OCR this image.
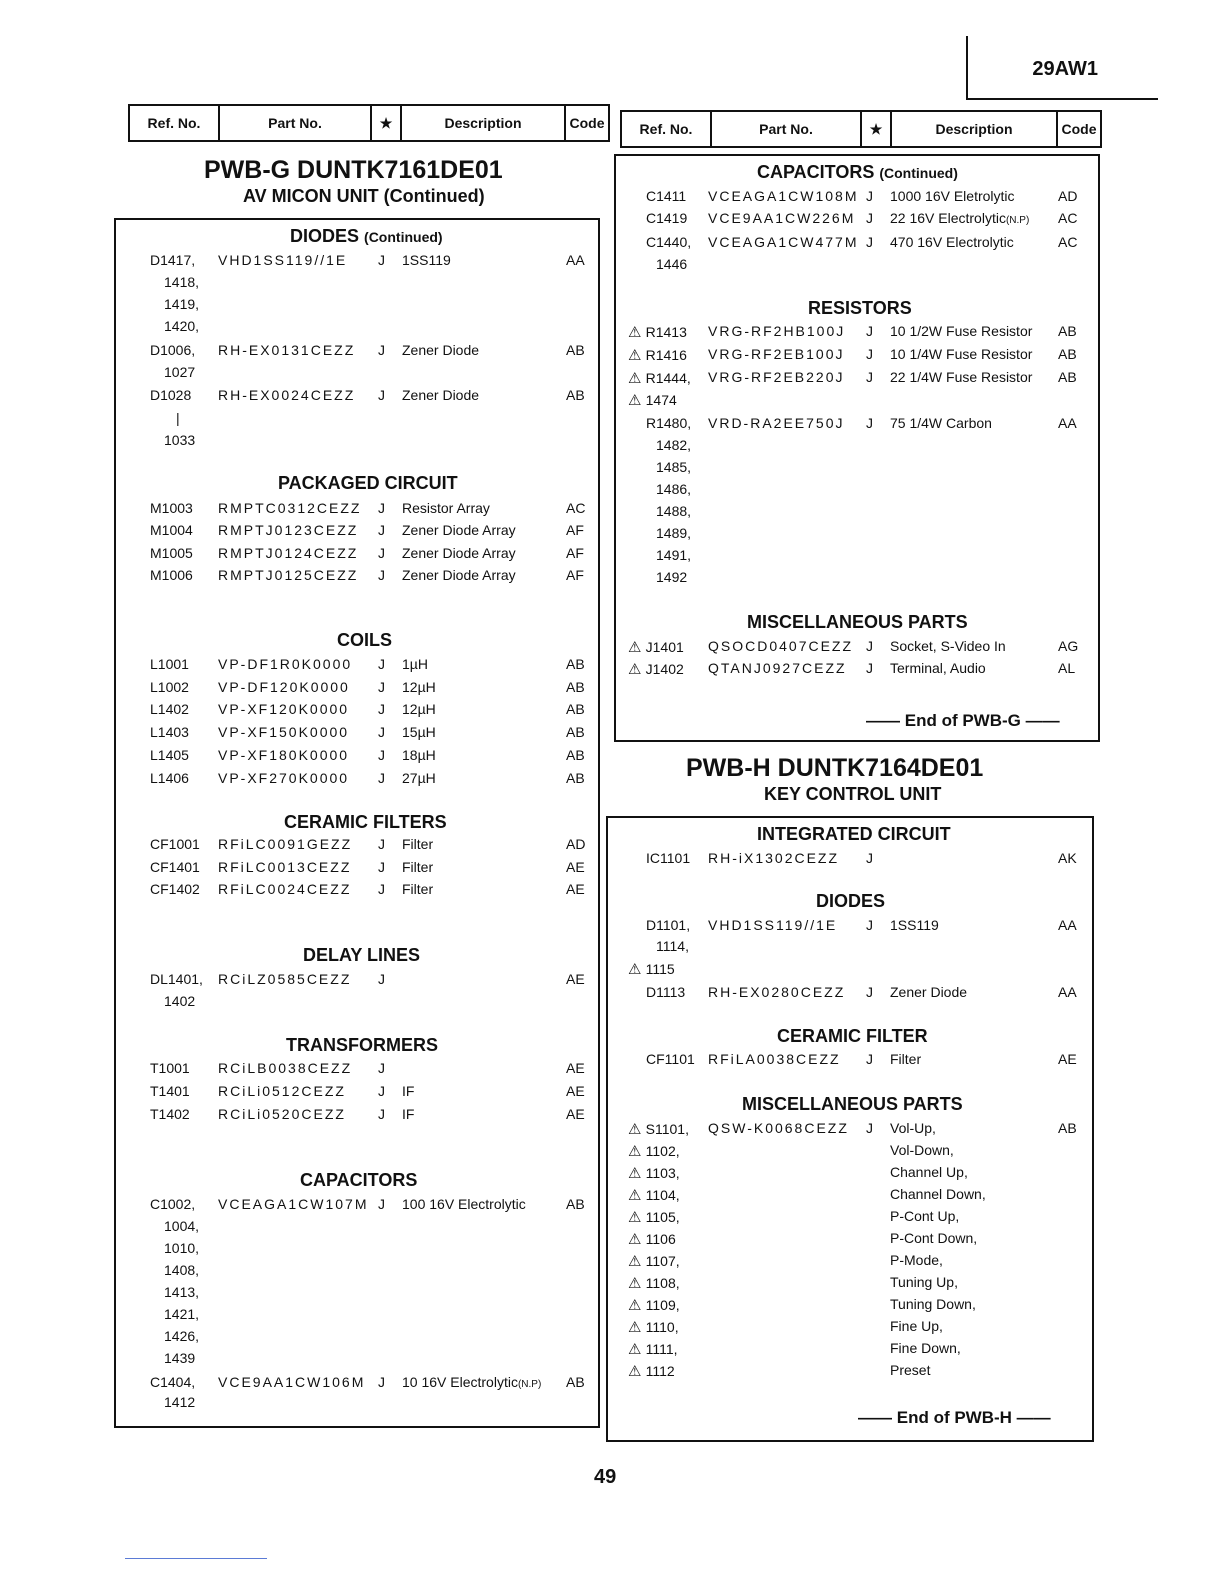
29AW1
Ref. No.	Part No.	★	Description	Code	Ref. No.	Part No.	★	Description	Code
PWB-G DUNTK7161DE01
AV MICON UNIT (Continued)
DIODES (Continued)
PACKAGED CIRCUIT
COILS
CERAMIC FILTERS
DELAY LINES
TRANSFORMERS
CAPACITORS
D1417, VHD1SS119//1E J 1SS119	AA
1418,
1419,
1420,
D1006, RH-EX0131CEZZ J Zener Diode	AB
1027
D1028 RH-EX0024CEZZ J Zener Diode	AB
|
1033
M1003 RMPTC0312CEZZ J Resistor Array	AC
M1004 RMPTJ0123CEZZ J Zener Diode Array	AF
M1005 RMPTJ0124CEZZ J Zener Diode Array	AF
M1006 RMPTJ0125CEZZ J Zener Diode Array	AF
L1001 VP-DF1R0K0000 J 1µH	AB
L1002 VP-DF120K0000 J 12µH	AB
L1402 VP-XF120K0000 J 12µH	AB
L1403 VP-XF150K0000 J 15µH	AB
L1405 VP-XF180K0000 J 18µH	AB
L1406 VP-XF270K0000 J 27µH	AB
CF1001 RFiLC0091GEZZ J Filter	AD
CF1401 RFiLC0013CEZZ J Filter	AE
CF1402 RFiLC0024CEZZ J Filter	AE
DL1401, RCiLZ0585CEZZ J	AE
1402
T1001 RCiLB0038CEZZ J	AE
T1401 RCiLi0512CEZZ J IF	AE
T1402 RCiLi0520CEZZ J IF	AE
C1002, VCEAGA1CW107M J 100 16V Electrolytic	AB
1004,
1010,
1408,
1413,
1421,
1426,
1439
C1404, VCE9AA1CW106M J 10 16V Electrolytic(N.P) AB
1412
CAPACITORS (Continued)
RESISTORS
MISCELLANEOUS PARTS
—— End of PWB-G ——
PWB-H DUNTK7164DE01
KEY CONTROL UNIT
INTEGRATED CIRCUIT
DIODES
CERAMIC FILTER
MISCELLANEOUS PARTS
—— End of PWB-H ——
C1411 VCEAGA1CW108M J 1000 16V Eletrolytic	AD
C1419 VCE9AA1CW226M J 22 16V Electrolytic(N.P) AC
C1440, VCEAGA1CW477M J 470 16V Electrolytic	AC
1446
⚠ R1413 VRG-RF2HB100J J 10 1/2W Fuse Resistor AB
⚠ R1416 VRG-RF2EB100J J 10 1/4W Fuse Resistor AB
⚠ R1444, VRG-RF2EB220J J 22 1/4W Fuse Resistor AB
⚠ 1474
R1480, VRD-RA2EE750J J 75 1/4W Carbon	AA
1482,
1485,
1486,
1488,
1489,
1491,
1492
⚠ J1401 QSOCD0407CEZZ J Socket, S-Video In	AG
⚠ J1402 QTANJ0927CEZZ J Terminal, Audio	AL
IC1101 RH-iX1302CEZZ J	AK
D1101, VHD1SS119//1E J 1SS119	AA
1114,
⚠ 1115
D1113 RH-EX0280CEZZ J Zener Diode	AA
CF1101 RFiLA0038CEZZ J Filter	AE
⚠ S1101, QSW-K0068CEZZ J Vol-Up,	AB
⚠ 1102,	Vol-Down,
⚠ 1103,	Channel Up,
⚠ 1104,	Channel Down,
⚠ 1105,	P-Cont Up,
⚠ 1106	P-Cont Down,
⚠ 1107,	P-Mode,
⚠ 1108,	Tuning Up,
⚠ 1109,	Tuning Down,
⚠ 1110,	Fine Up,
⚠ 1111,	Fine Down,
⚠ 1112	Preset
49
